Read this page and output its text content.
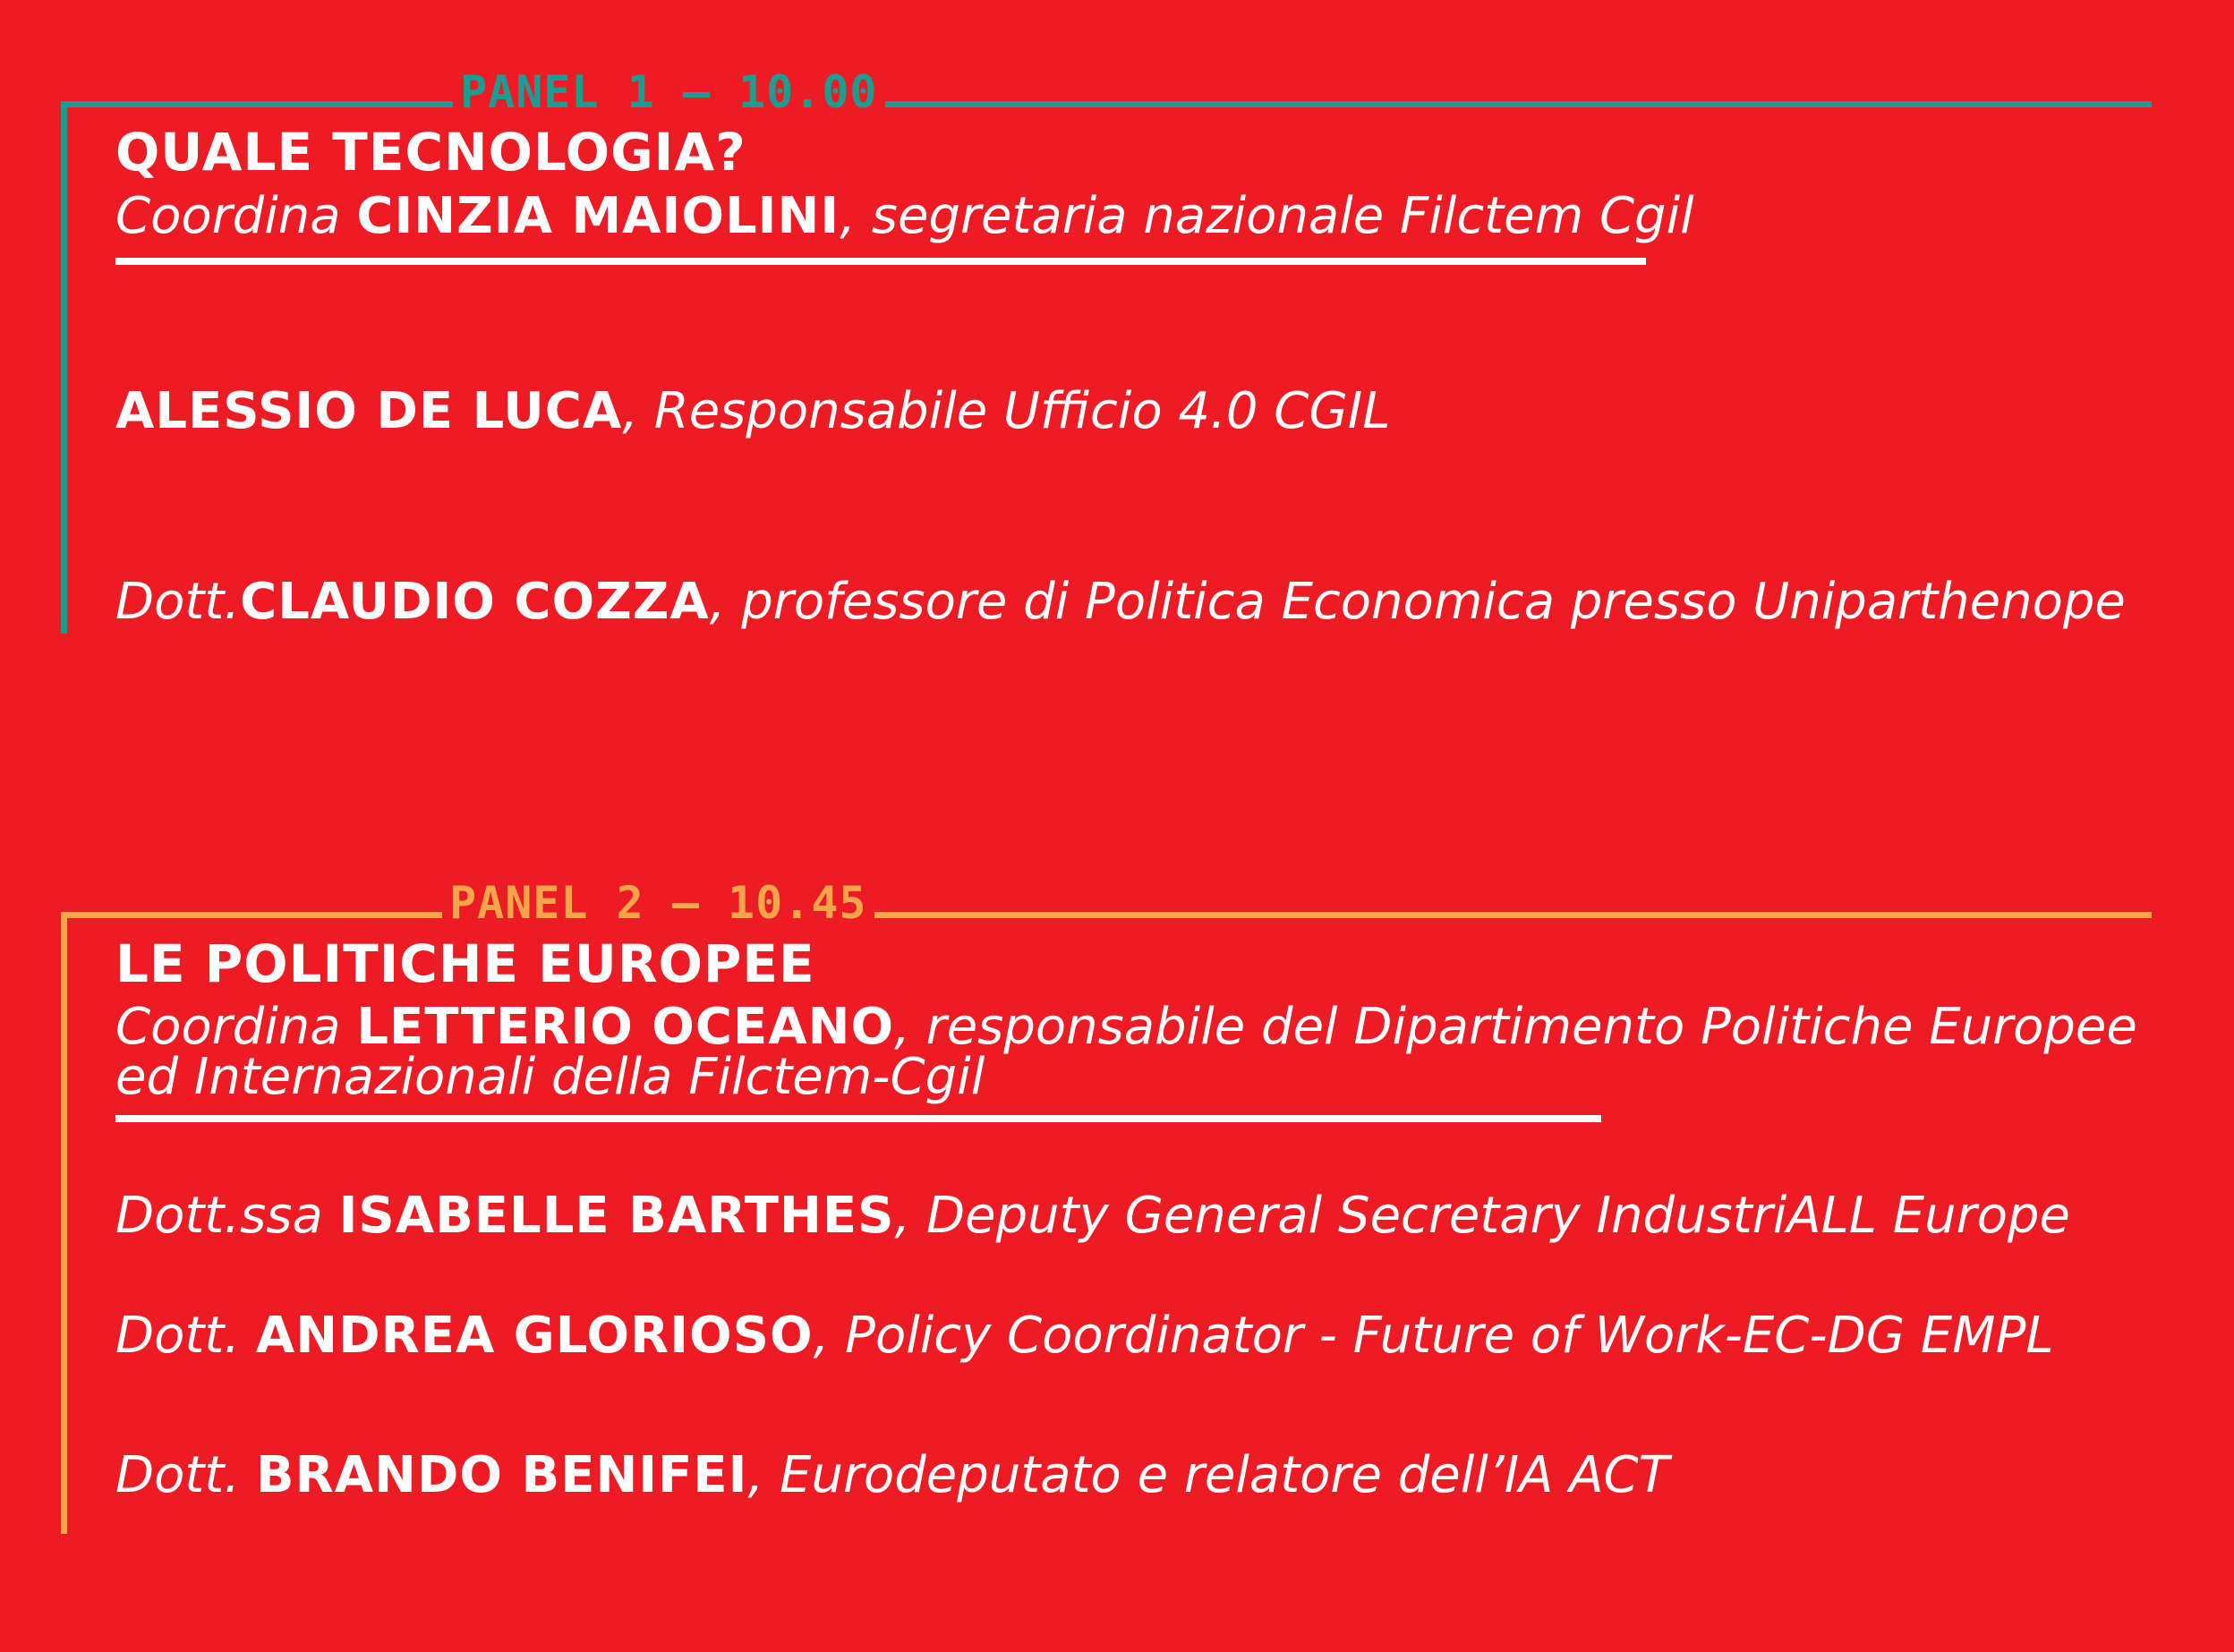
PANEL 1 – 10.00
QUALE TECNOLOGIA?
Coordina CINZIA MAIOLINI, segretaria nazionale Filctem Cgil
ALESSIO DE LUCA, Responsabile Ufficio 4.0 CGIL
Dott.CLAUDIO COZZA, professore di Politica Economica presso Uniparthenope
PANEL 2 – 10.45
LE POLITICHE EUROPEE
Coordina LETTERIO OCEANO, responsabile del Dipartimento Politiche Europee
ed Internazionali della Filctem-Cgil
Dott.ssa ISABELLE BARTHES, Deputy General Secretary IndustriALL Europe
Dott. ANDREA GLORIOSO, Policy Coordinator - Future of Work-EC-DG EMPL
Dott. BRANDO BENIFEI, Eurodeputato e relatore dell’IA ACT
